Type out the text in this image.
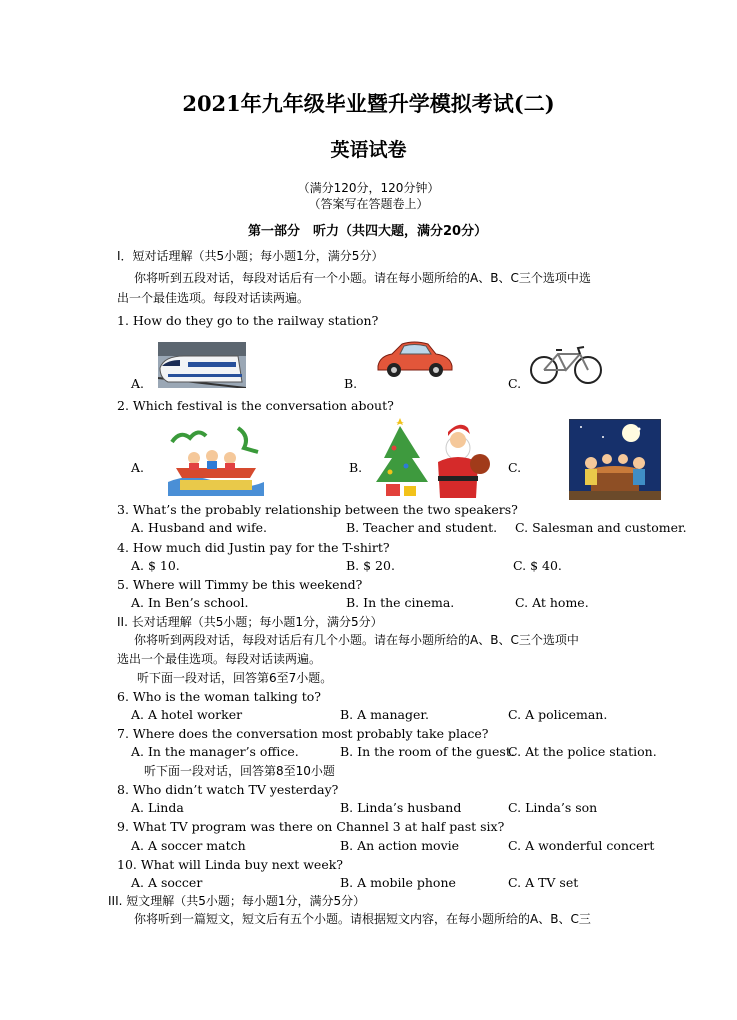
2021年九年级毕业暨升学模拟考试(二)
英语试卷
（满分120分，120分钟）
（答案写在答题卷上）
第一部分　听力（共四大题，满分20分）
I．短对话理解（共5小题；每小题1分，满分5分）
你将听到五段对话，每段对话后有一个小题。请在每小题所给的A、B、C三个选项中选
出一个最佳选项。每段对话读两遍。
1. How do they go to the railway station?
A.	B.	C.
2. Which festival is the conversation about?
A.	B.	C.
3. What’s the probably relationship between the two speakers?
A. Husband and wife.	B. Teacher and student. C. Salesman and customer.
4. How much did Justin pay for the T-shirt?
A. $ 10.	B. $ 20.	C. $ 40.
5. Where will Timmy be this weekend?
A. In Ben’s school.	B. In the cinema.	C. At home.
II. 长对话理解（共5小题；每小题1分，满分5分）
你将听到两段对话，每段对话后有几个小题。请在每小题所给的A、B、C三个选项中
选出一个最佳选项。每段对话读两遍。
听下面一段对话，回答第6至7小题。
6. Who is the woman talking to?
A. A hotel worker	B. A manager.	C. A policeman.
7. Where does the conversation most probably take place?
A. In the manager’s office.	B. In the room of the guest.
C. At the police station.
听下面一段对话，回答第8至10小题
8. Who didn’t watch TV yesterday?
A. Linda	B. Linda’s husband	C. Linda’s son
9. What TV program was there on Channel 3 at half past six?
A. A soccer match	B. An action movie	C. A wonderful concert
10. What will Linda buy next week?
A. A soccer	B. A mobile phone	C. A TV set
III. 短文理解（共5小题；每小题1分，满分5分）
你将听到一篇短文，短文后有五个小题。请根据短文内容，在每小题所给的A、B、C三
